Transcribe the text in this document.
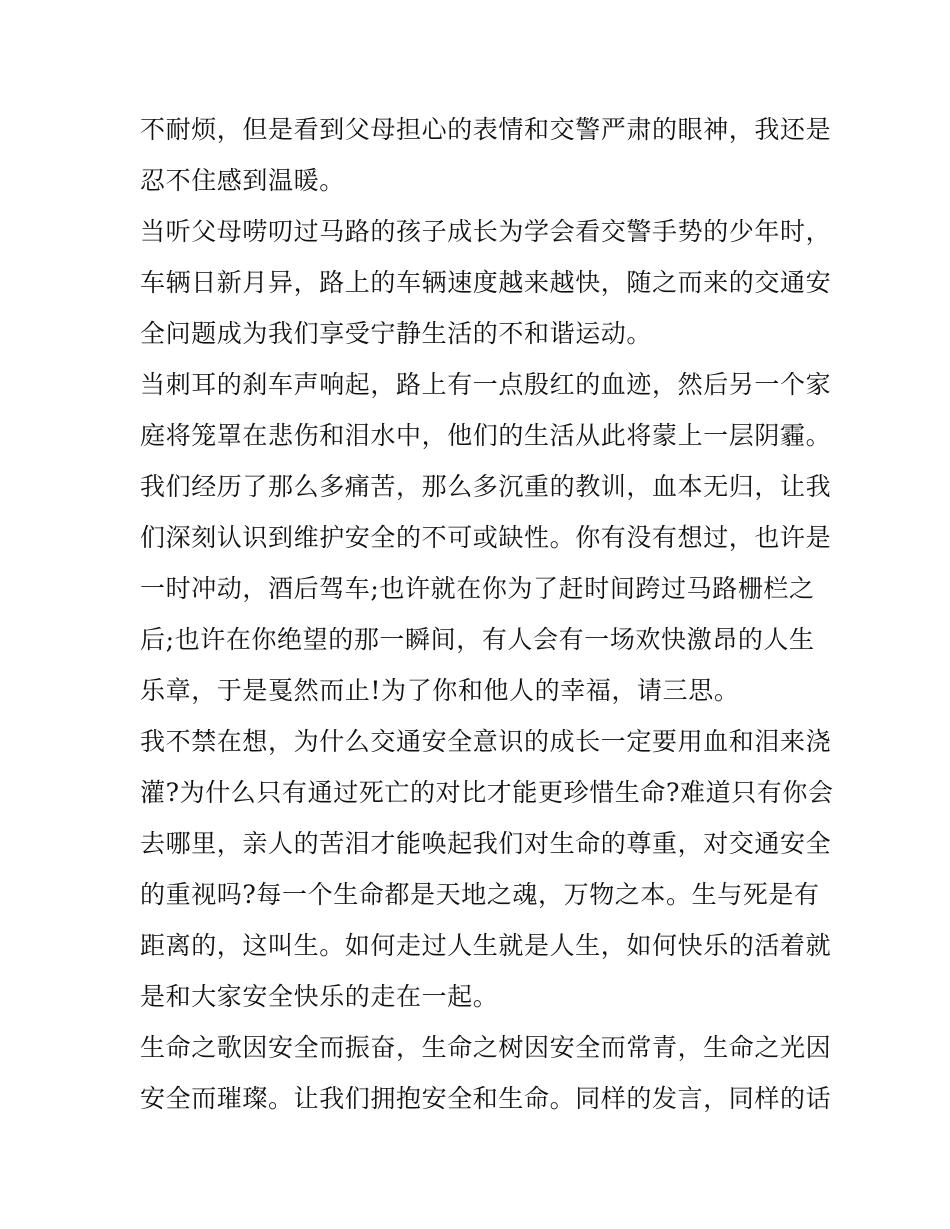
不耐烦，但是看到父母担心的表情和交警严肃的眼神，我还是
忍不住感到温暖。
当听父母唠叨过马路的孩子成长为学会看交警手势的少年时，
车辆日新月异，路上的车辆速度越来越快，随之而来的交通安
全问题成为我们享受宁静生活的不和谐运动。
当刺耳的刹车声响起，路上有一点殷红的血迹，然后另一个家
庭将笼罩在悲伤和泪水中，他们的生活从此将蒙上一层阴霾。
我们经历了那么多痛苦，那么多沉重的教训，血本无归，让我
们深刻认识到维护安全的不可或缺性。你有没有想过，也许是
一时冲动，酒后驾车;也许就在你为了赶时间跨过马路栅栏之
后;也许在你绝望的那一瞬间，有人会有一场欢快激昂的人生
乐章，于是戛然而止!为了你和他人的幸福，请三思。
我不禁在想，为什么交通安全意识的成长一定要用血和泪来浇
灌?为什么只有通过死亡的对比才能更珍惜生命?难道只有你会
去哪里，亲人的苦泪才能唤起我们对生命的尊重，对交通安全
的重视吗?每一个生命都是天地之魂，万物之本。生与死是有
距离的，这叫生。如何走过人生就是人生，如何快乐的活着就
是和大家安全快乐的走在一起。
生命之歌因安全而振奋，生命之树因安全而常青，生命之光因
安全而璀璨。让我们拥抱安全和生命。同样的发言，同样的话
